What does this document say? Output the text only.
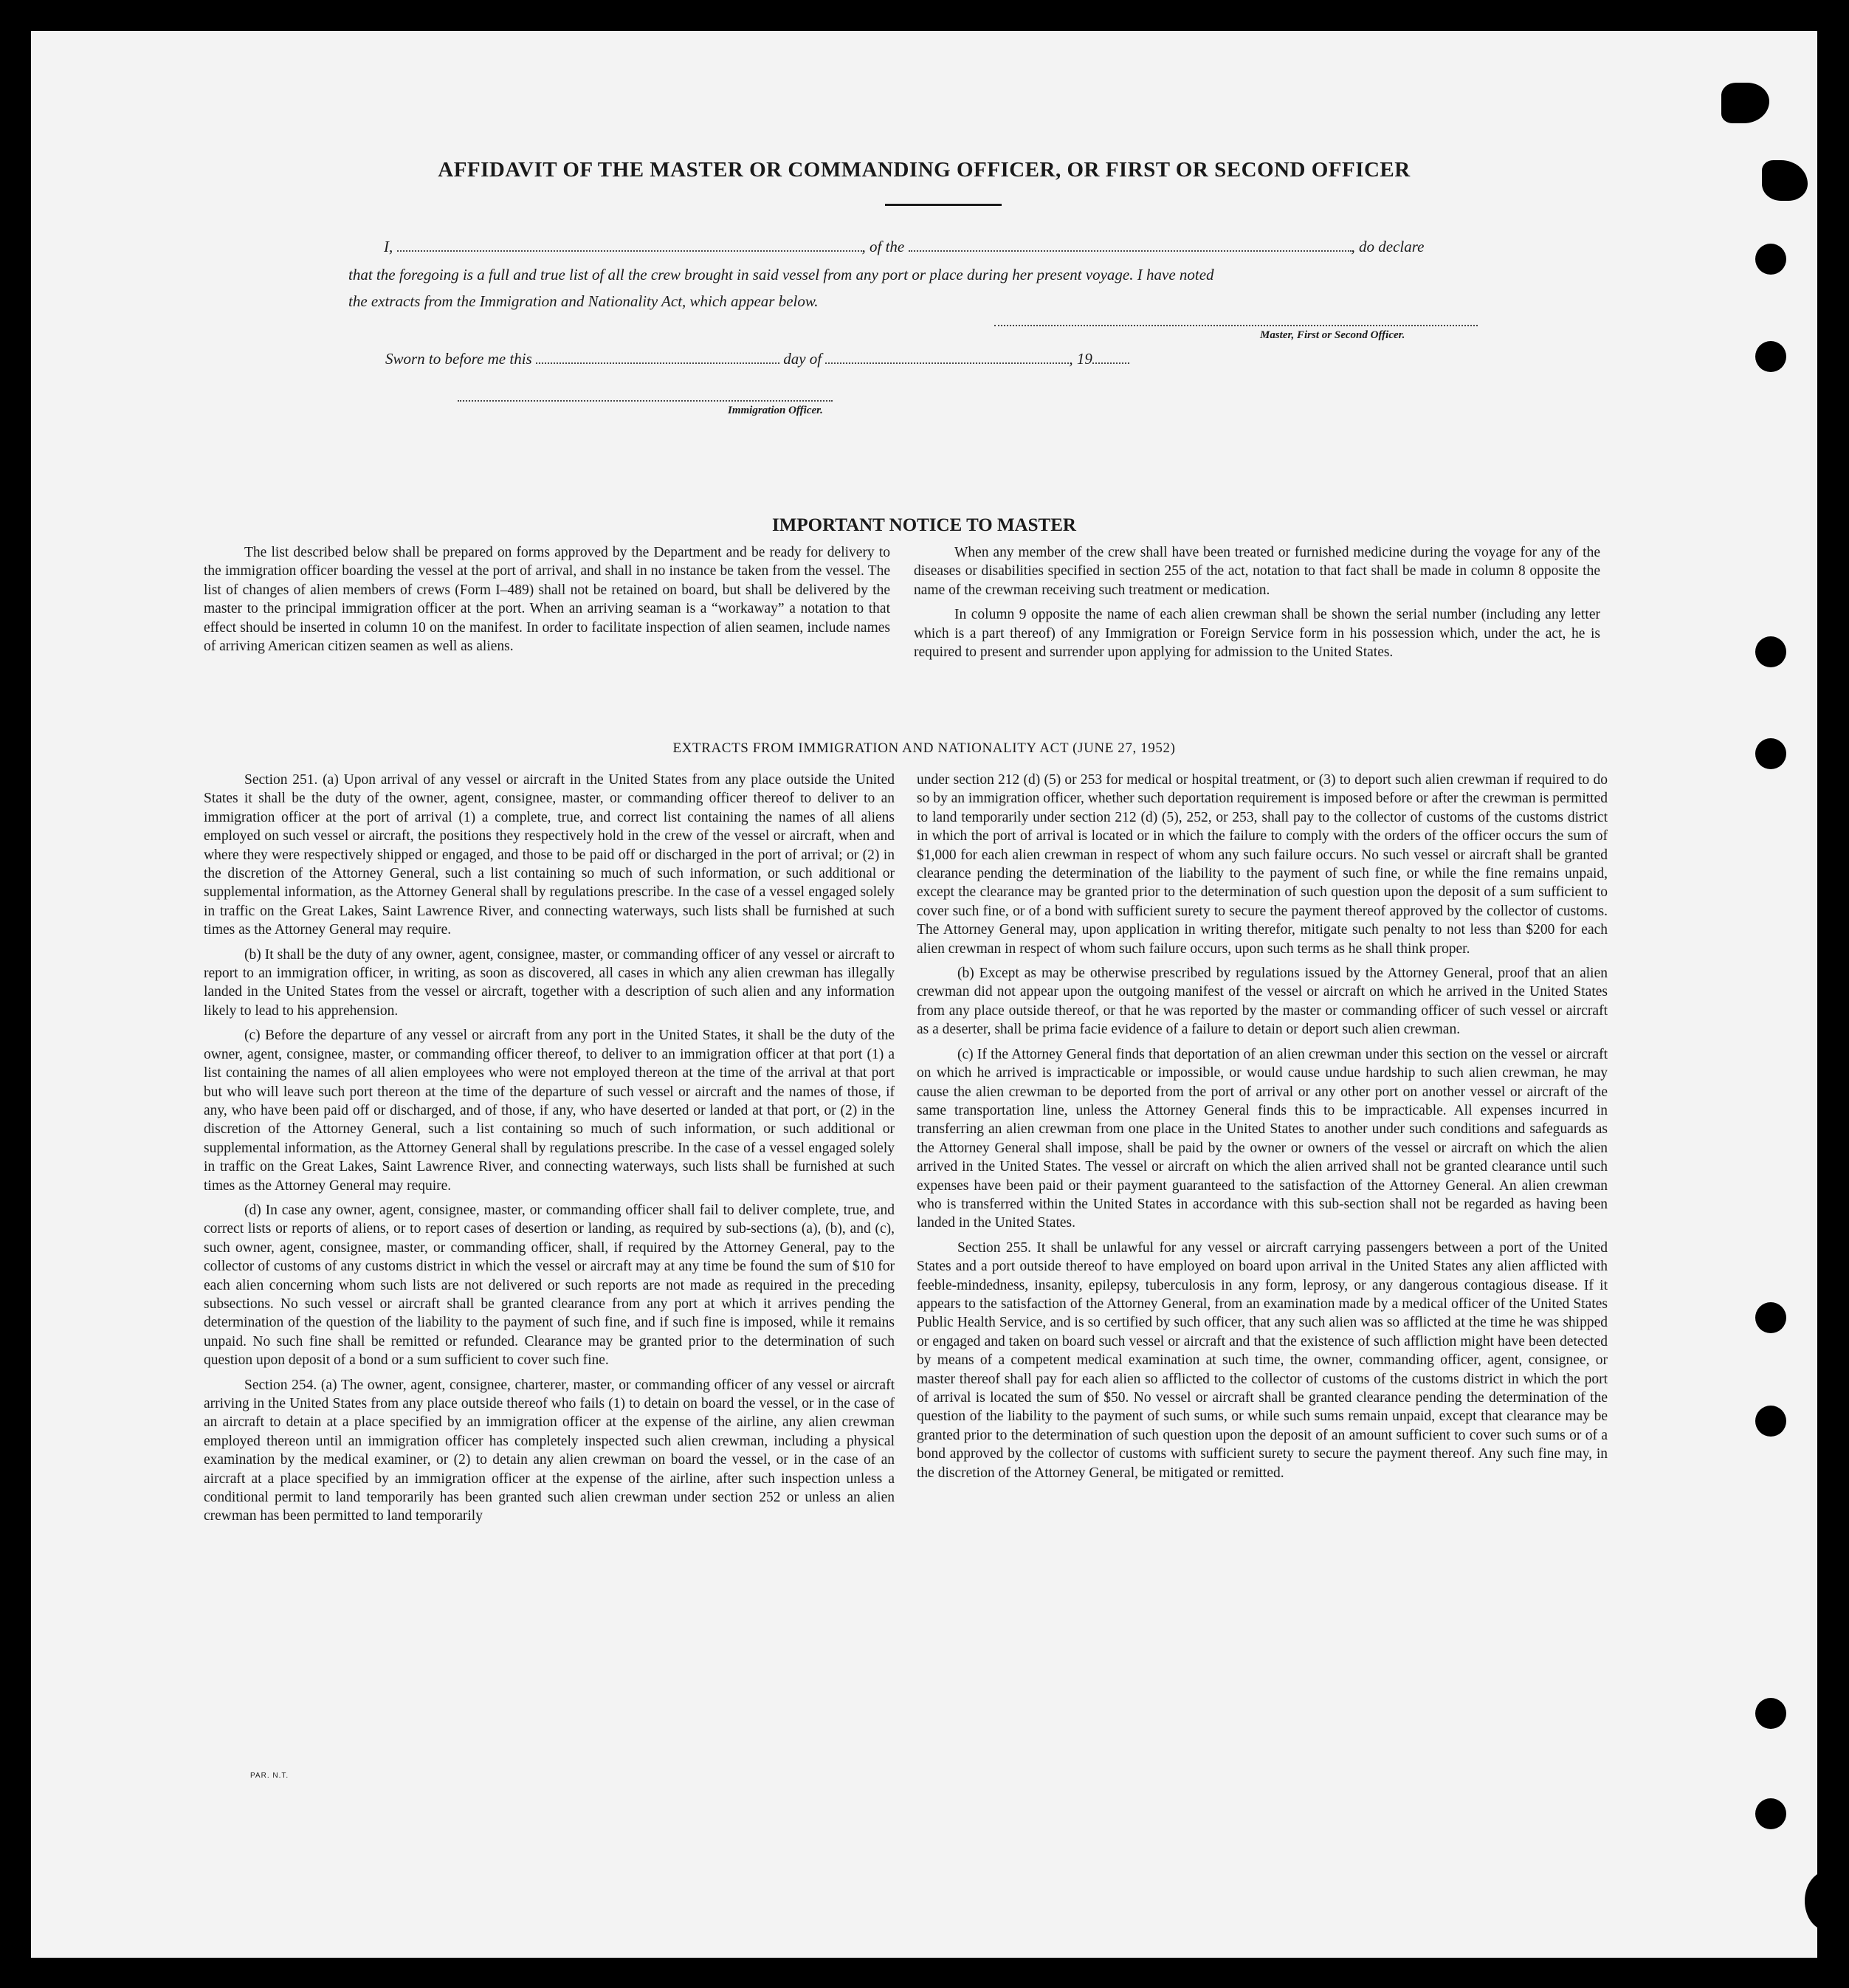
AFFIDAVIT OF THE MASTER OR COMMANDING OFFICER, OR FIRST OR SECOND OFFICER
I,	, of the	, do declare
that the foregoing is a full and true list of all the crew brought in said vessel from any port or place during her present voyage. I have noted
the extracts from the Immigration and Nationality Act, which appear below.
Master, First or Second Officer.
Sworn to before me this	day of	, 19
Immigration Officer.
IMPORTANT NOTICE TO MASTER

The list described below shall be prepared on forms approved by the Department and be ready for delivery to the immigration officer boarding the vessel at the port of arrival, and shall in no instance be taken from the vessel. The list of changes of alien members of crews (Form I–489) shall not be retained on board, but shall be delivered by the master to the principal immigration officer at the port. When an arriving seaman is a “workaway” a notation to that effect should be inserted in column 10 on the manifest. In order to facilitate inspection of alien seamen, include names of arriving American citizen seamen as well as aliens.

When any member of the crew shall have been treated or furnished medicine during the voyage for any of the diseases or disabilities specified in section 255 of the act, notation to that fact shall be made in column 8 opposite the name of the crewman receiving such treatment or medication.

In column 9 opposite the name of each alien crewman shall be shown the serial number (including any letter which is a part thereof) of any Immigration or Foreign Service form in his possession which, under the act, he is required to present and surrender upon applying for admission to the United States.

EXTRACTS FROM IMMIGRATION AND NATIONALITY ACT (JUNE 27, 1952)

Section 251. (a) Upon arrival of any vessel or aircraft in the United States from any place outside the United States it shall be the duty of the owner, agent, consignee, master, or commanding officer thereof to deliver to an immigration officer at the port of arrival (1) a complete, true, and correct list containing the names of all aliens employed on such vessel or aircraft, the positions they respectively hold in the crew of the vessel or aircraft, when and where they were respectively shipped or engaged, and those to be paid off or discharged in the port of arrival; or (2) in the discretion of the Attorney General, such a list containing so much of such information, or such additional or supplemental information, as the Attorney General shall by regulations prescribe. In the case of a vessel engaged solely in traffic on the Great Lakes, Saint Lawrence River, and connecting waterways, such lists shall be furnished at such times as the Attorney General may require.

(b) It shall be the duty of any owner, agent, consignee, master, or commanding officer of any vessel or aircraft to report to an immigration officer, in writing, as soon as discovered, all cases in which any alien crewman has illegally landed in the United States from the vessel or aircraft, together with a description of such alien and any information likely to lead to his apprehension.

(c) Before the departure of any vessel or aircraft from any port in the United States, it shall be the duty of the owner, agent, consignee, master, or commanding officer thereof, to deliver to an immigration officer at that port (1) a list containing the names of all alien employees who were not employed thereon at the time of the arrival at that port but who will leave such port thereon at the time of the departure of such vessel or aircraft and the names of those, if any, who have been paid off or discharged, and of those, if any, who have deserted or landed at that port, or (2) in the discretion of the Attorney General, such a list containing so much of such information, or such additional or supplemental information, as the Attorney General shall by regulations prescribe. In the case of a vessel engaged solely in traffic on the Great Lakes, Saint Lawrence River, and connecting waterways, such lists shall be furnished at such times as the Attorney General may require.

(d) In case any owner, agent, consignee, master, or commanding officer shall fail to deliver complete, true, and correct lists or reports of aliens, or to report cases of desertion or landing, as required by sub-sections (a), (b), and (c), such owner, agent, consignee, master, or commanding officer, shall, if required by the Attorney General, pay to the collector of customs of any customs district in which the vessel or aircraft may at any time be found the sum of $10 for each alien concerning whom such lists are not delivered or such reports are not made as required in the preceding subsections. No such vessel or aircraft shall be granted clearance from any port at which it arrives pending the determination of the question of the liability to the payment of such fine, and if such fine is imposed, while it remains unpaid. No such fine shall be remitted or refunded. Clearance may be granted prior to the determination of such question upon deposit of a bond or a sum sufficient to cover such fine.

Section 254. (a) The owner, agent, consignee, charterer, master, or commanding officer of any vessel or aircraft arriving in the United States from any place outside thereof who fails (1) to detain on board the vessel, or in the case of an aircraft to detain at a place specified by an immigration officer at the expense of the airline, any alien crewman employed thereon until an immigration officer has completely inspected such alien crewman, including a physical examination by the medical examiner, or (2) to detain any alien crewman on board the vessel, or in the case of an aircraft at a place specified by an immigration officer at the expense of the airline, after such inspection unless a conditional permit to land temporarily has been granted such alien crewman under section 252 or unless an alien crewman has been permitted to land temporarily

under section 212 (d) (5) or 253 for medical or hospital treatment, or (3) to deport such alien crewman if required to do so by an immigration officer, whether such deportation requirement is imposed before or after the crewman is permitted to land temporarily under section 212 (d) (5), 252, or 253, shall pay to the collector of customs of the customs district in which the port of arrival is located or in which the failure to comply with the orders of the officer occurs the sum of $1,000 for each alien crewman in respect of whom any such failure occurs. No such vessel or aircraft shall be granted clearance pending the determination of the liability to the payment of such fine, or while the fine remains unpaid, except the clearance may be granted prior to the determination of such question upon the deposit of a sum sufficient to cover such fine, or of a bond with sufficient surety to secure the payment thereof approved by the collector of customs. The Attorney General may, upon application in writing therefor, mitigate such penalty to not less than $200 for each alien crewman in respect of whom such failure occurs, upon such terms as he shall think proper.

(b) Except as may be otherwise prescribed by regulations issued by the Attorney General, proof that an alien crewman did not appear upon the outgoing manifest of the vessel or aircraft on which he arrived in the United States from any place outside thereof, or that he was reported by the master or commanding officer of such vessel or aircraft as a deserter, shall be prima facie evidence of a failure to detain or deport such alien crewman.

(c) If the Attorney General finds that deportation of an alien crewman under this section on the vessel or aircraft on which he arrived is impracticable or impossible, or would cause undue hardship to such alien crewman, he may cause the alien crewman to be deported from the port of arrival or any other port on another vessel or aircraft of the same transportation line, unless the Attorney General finds this to be impracticable. All expenses incurred in transferring an alien crewman from one place in the United States to another under such conditions and safeguards as the Attorney General shall impose, shall be paid by the owner or owners of the vessel or aircraft on which the alien arrived in the United States. The vessel or aircraft on which the alien arrived shall not be granted clearance until such expenses have been paid or their payment guaranteed to the satisfaction of the Attorney General. An alien crewman who is transferred within the United States in accordance with this sub-section shall not be regarded as having been landed in the United States.

Section 255. It shall be unlawful for any vessel or aircraft carrying passengers between a port of the United States and a port outside thereof to have employed on board upon arrival in the United States any alien afflicted with feeble-mindedness, insanity, epilepsy, tuberculosis in any form, leprosy, or any dangerous contagious disease. If it appears to the satisfaction of the Attorney General, from an examination made by a medical officer of the United States Public Health Service, and is so certified by such officer, that any such alien was so afflicted at the time he was shipped or engaged and taken on board such vessel or aircraft and that the existence of such affliction might have been detected by means of a competent medical examination at such time, the owner, commanding officer, agent, consignee, or master thereof shall pay for each alien so afflicted to the collector of customs of the customs district in which the port of arrival is located the sum of $50. No vessel or aircraft shall be granted clearance pending the determination of the question of the liability to the payment of such sums, or while such sums remain unpaid, except that clearance may be granted prior to the determination of such question upon the deposit of an amount sufficient to cover such sums or of a bond approved by the collector of customs with sufficient surety to secure the payment thereof. Any such fine may, in the discretion of the Attorney General, be mitigated or remitted.

PAR. N.T.
